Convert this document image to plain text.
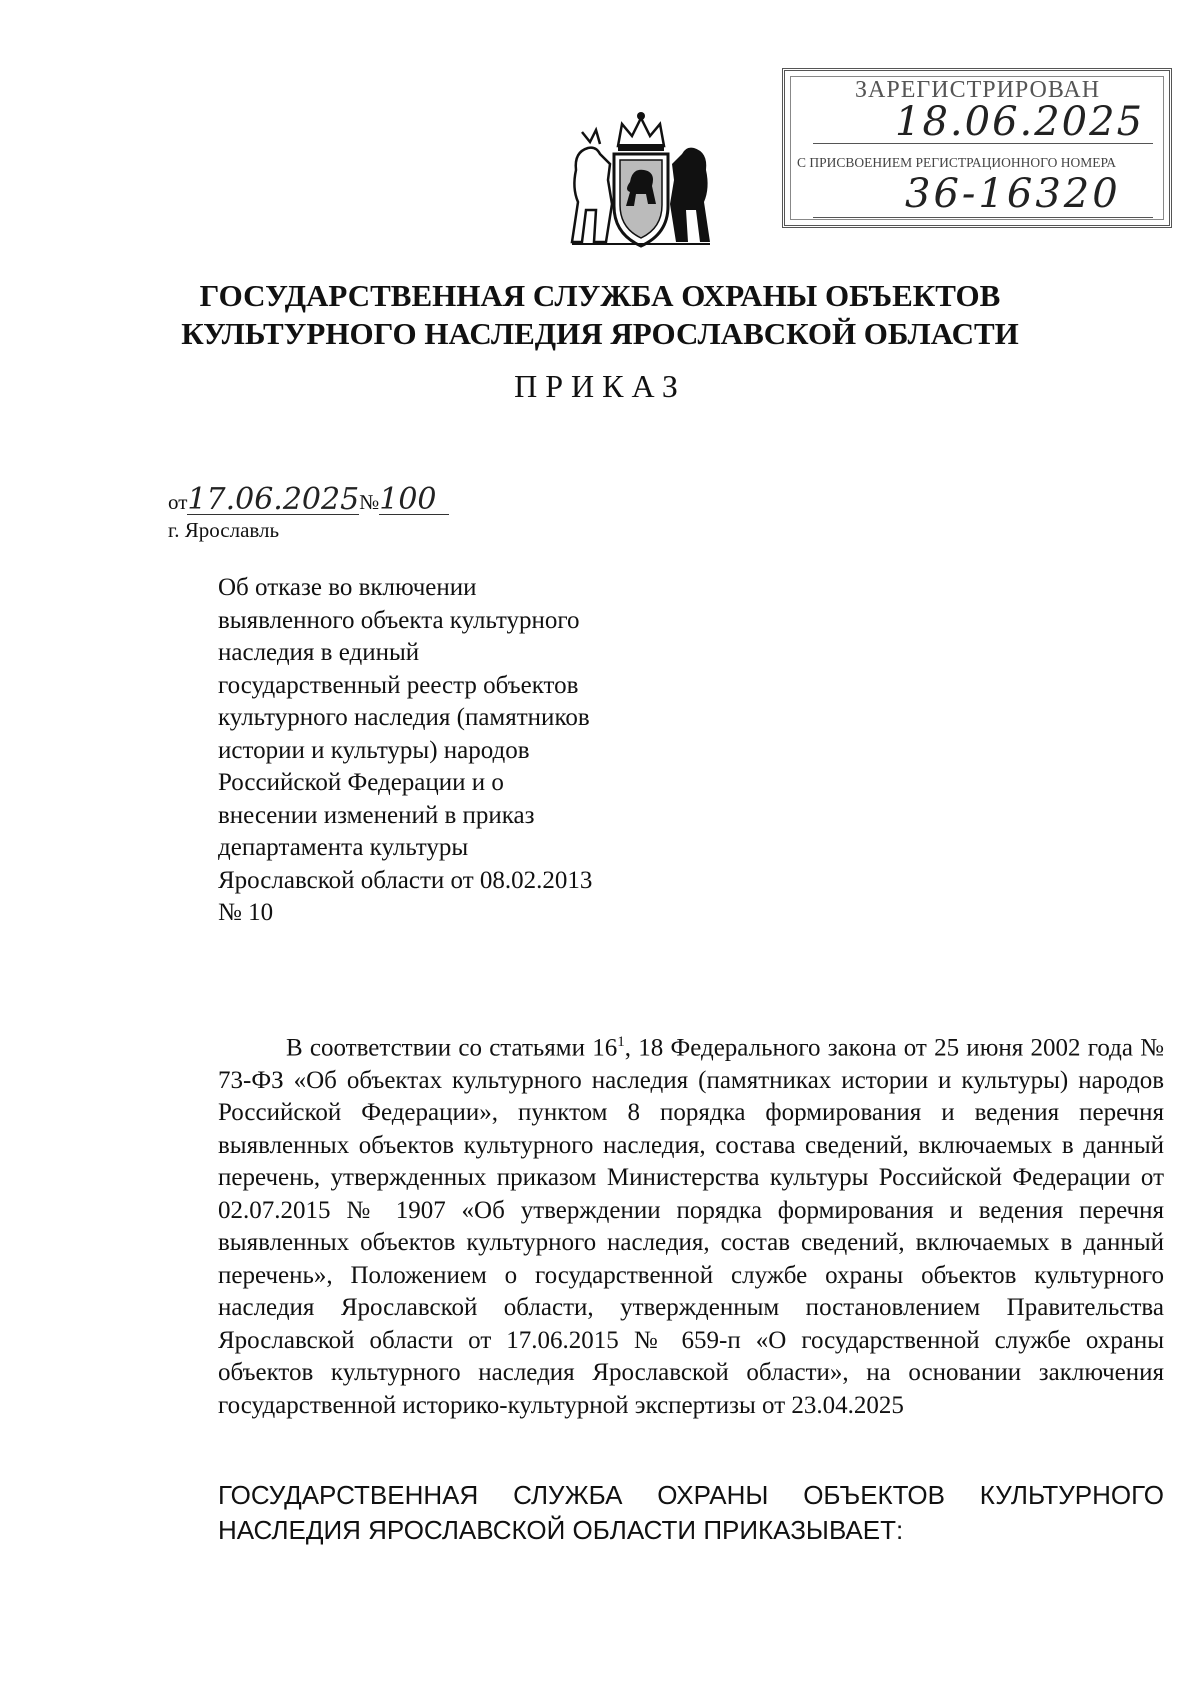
ЗАРЕГИСТРИРОВАН
18.06.2025
С ПРИСВОЕНИЕМ РЕГИСТРАЦИОННОГО НОМЕРА
36-16320
ГОСУДАРСТВЕННАЯ СЛУЖБА ОХРАНЫ ОБЪЕКТОВ
КУЛЬТУРНОГО НАСЛЕДИЯ ЯРОСЛАВСКОЙ ОБЛАСТИ
ПРИКАЗ
от17.06.2025
№100
г. Ярославль
Об отказе во включении выявленного объекта культурного наследия в единый государственный реестр объектов культурного наследия (памятников истории и культуры) народов Российской Федерации и о внесении изменений в приказ департамента культуры Ярославской области от 08.02.2013 № 10
В соответствии со статьями $16^1$, 18 Федерального закона от 25 июня 2002 года № 73-ФЗ «Об объектах культурного наследия (памятниках истории и культуры) народов Российской Федерации», пунктом 8 порядка формирования и ведения перечня выявленных объектов культурного наследия, состава сведений, включаемых в данный перечень, утвержденных приказом Министерства культуры Российской Федерации от 02.07.2015 № 1907 «Об утверждении порядка формирования и ведения перечня выявленных объектов культурного наследия, состав сведений, включаемых в данный перечень», Положением о государственной службе охраны объектов культурного наследия Ярославской области, утвержденным постановлением Правительства Ярославской области от 17.06.2015 № 659-п «О государственной службе охраны объектов культурного наследия Ярославской области», на основании заключения государственной историко-культурной экспертизы от 23.04.2025
ГОСУДАРСТВЕННАЯ СЛУЖБА ОХРАНЫ ОБЪЕКТОВ КУЛЬТУРНОГО НАСЛЕДИЯ ЯРОСЛАВСКОЙ ОБЛАСТИ ПРИКАЗЫВАЕТ:
